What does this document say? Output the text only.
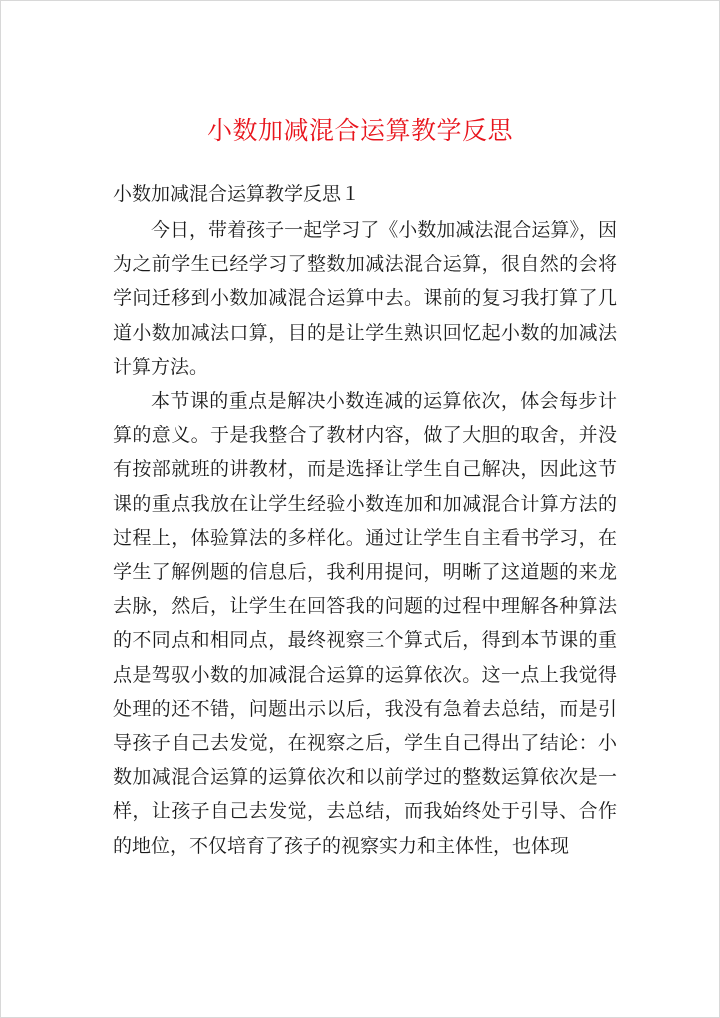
小数加减混合运算教学反思
小数加减混合运算教学反思１

今日，带着孩子一起学习了《小数加减法混合运算》，因为之前学生已经学习了整数加减法混合运算，很自然的会将学问迁移到小数加减混合运算中去。课前的复习我打算了几道小数加减法口算，目的是让学生熟识回忆起小数的加减法计算方法。

本节课的重点是解决小数连减的运算依次，体会每步计算的意义。于是我整合了教材内容，做了大胆的取舍，并没有按部就班的讲教材，而是选择让学生自己解决，因此这节课的重点我放在让学生经验小数连加和加减混合计算方法的过程上，体验算法的多样化。通过让学生自主看书学习，在学生了解例题的信息后，我利用提问，明晰了这道题的来龙去脉，然后，让学生在回答我的问题的过程中理解各种算法的不同点和相同点，最终视察三个算式后，得到本节课的重点是驾驭小数的加减混合运算的运算依次。这一点上我觉得处理的还不错，问题出示以后，我没有急着去总结，而是引导孩子自己去发觉，在视察之后，学生自己得出了结论：小数加减混合运算的运算依次和以前学过的整数运算依次是一样，让孩子自己去发觉，去总结，而我始终处于引导、合作的地位，不仅培育了孩子的视察实力和主体性，也体现
